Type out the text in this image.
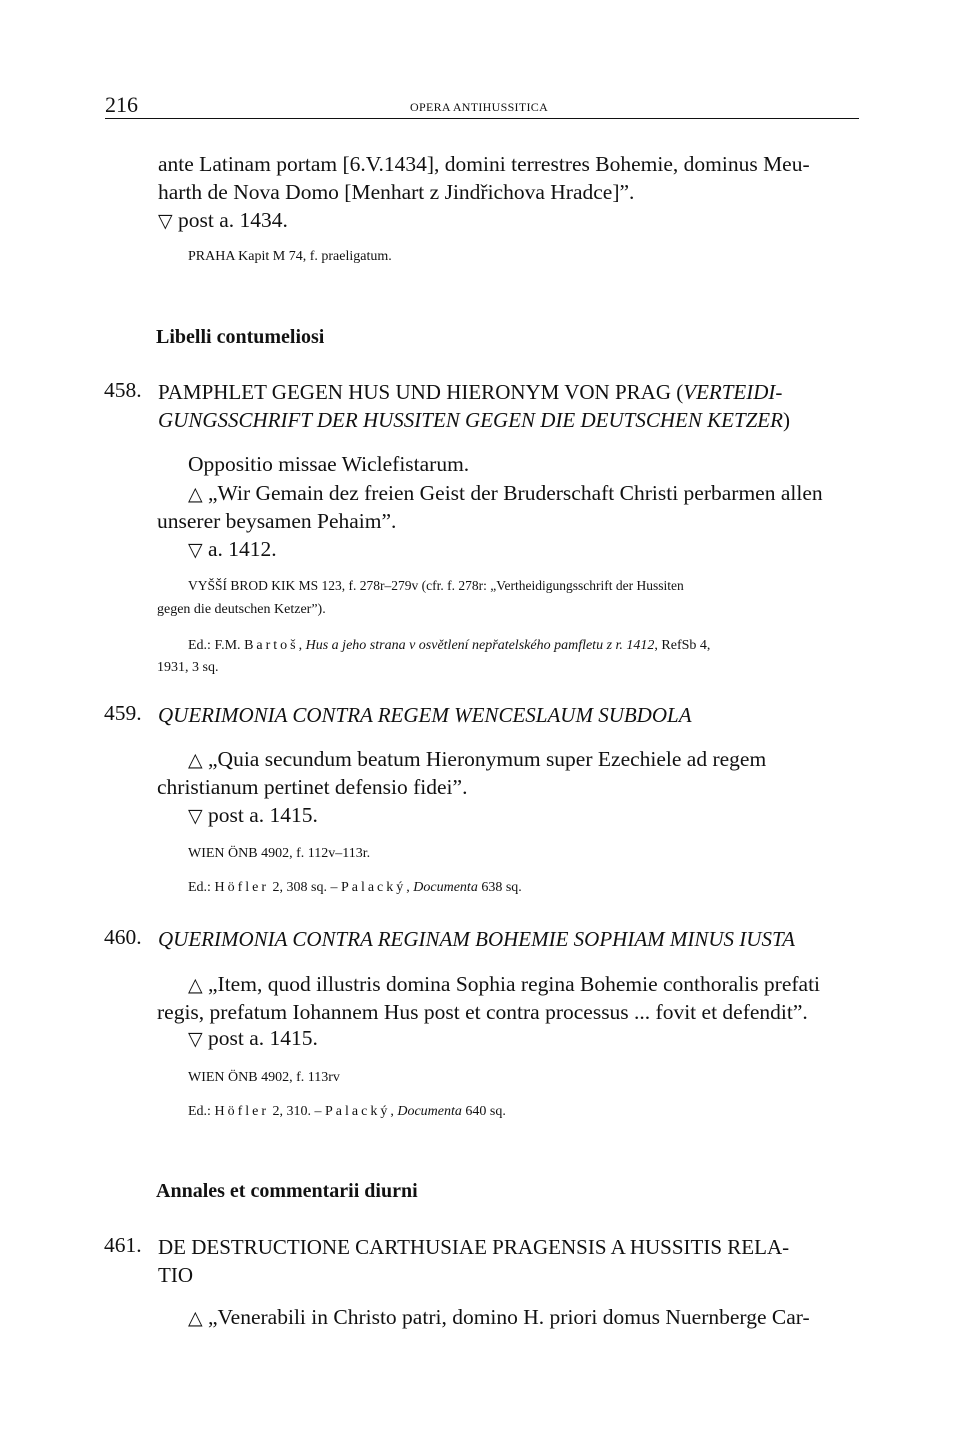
216	OPERA ANTIHUSSITICA
ante Latinam portam [6.V.1434], domini terrestres Bohemie, dominus Meu-
harth de Nova Domo [Menhart z Jindřichova Hradce]”.
▽ post a. 1434.
PRAHA Kapit M 74, f. praeligatum.
Libelli contumeliosi
458. PAMPHLET GEGEN HUS UND HIERONYM VON PRAG (VERTEIDI-
GUNGSSCHRIFT DER HUSSITEN GEGEN DIE DEUTSCHEN KETZER)
Oppositio missae Wiclefistarum.
△ „Wir Gemain dez freien Geist der Bruderschaft Christi perbarmen allen
unserer beysamen Pehaim”.
▽ a. 1412.
VYŠŠÍ BROD KIK MS 123, f. 278r–279v (cfr. f. 278r: „Vertheidigungsschrift der Hussiten
gegen die deutschen Ketzer”).
Ed.: F.M. Bartoš, Hus a jeho strana v osvětlení nepřatelského pamfletu z r. 1412, RefSb 4,
1931, 3 sq.
459. QUERIMONIA CONTRA REGEM WENCESLAUM SUBDOLA
△ „Quia secundum beatum Hieronymum super Ezechiele ad regem
christianum pertinet defensio fidei”.
▽ post a. 1415.
WIEN ÖNB 4902, f. 112v–113r.
Ed.: Höfler 2, 308 sq. – Palacký, Documenta 638 sq.
460. QUERIMONIA CONTRA REGINAM BOHEMIE SOPHIAM MINUS IUSTA
△ „Item, quod illustris domina Sophia regina Bohemie conthoralis prefati
regis, prefatum Iohannem Hus post et contra processus ... fovit et defendit”.
▽ post a. 1415.
WIEN ÖNB 4902, f. 113rv
Ed.: Höfler 2, 310. – Palacký, Documenta 640 sq.
Annales et commentarii diurni
461. DE DESTRUCTIONE CARTHUSIAE PRAGENSIS A HUSSITIS RELA-
TIO
△ „Venerabili in Christo patri, domino H. priori domus Nuernberge Car-
